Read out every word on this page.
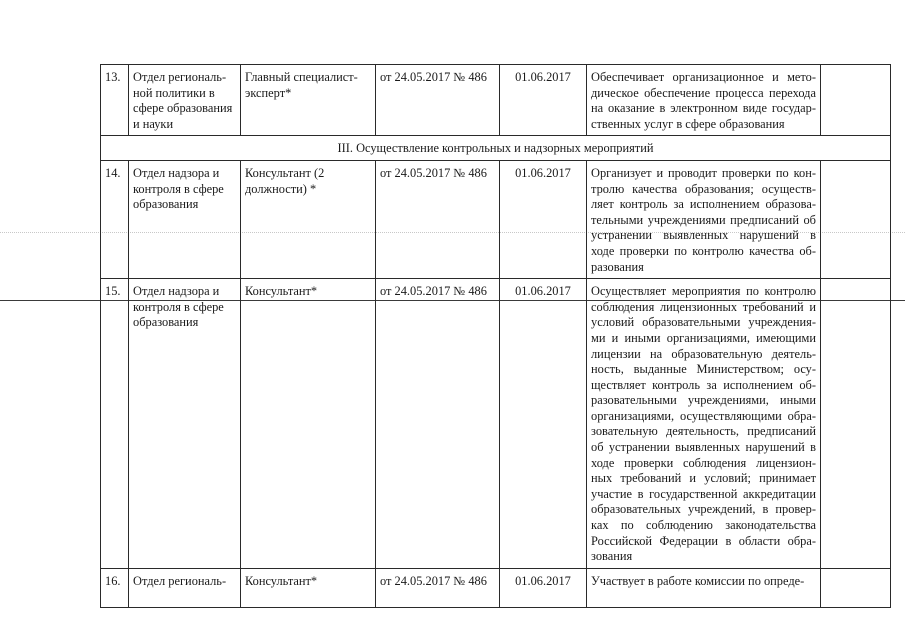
13.	Отдел региональ-ной политики в сфере образования и науки	Главный специалист-эксперт*	от 24.05.2017 № 486	01.06.2017	Обеспечивает организационное и мето-дическое обеспечение процесса перехода на оказание в электронном виде государ-ственных услуг в сфере образования	
III. Осуществление контрольных и надзорных мероприятий						
14.	Отдел надзора и контроля в сфере образования	Консультант (2 должности) *	от 24.05.2017 № 486	01.06.2017	Организует и проводит проверки по кон-тролю качества образования; осуществ-ляет контроль за исполнением образова-тельными учреждениями предписаний об устранении выявленных нарушений в ходе проверки по контролю качества об-разования	
15.	Отдел надзора и контроля в сфере образования	Консультант*	от 24.05.2017 № 486	01.06.2017	Осуществляет мероприятия по контролю соблюдения лицензионных требований и условий образовательными учреждения-ми и иными организациями, имеющими лицензии на образовательную деятель-ность, выданные Министерством; осу-ществляет контроль за исполнением об-разовательными учреждениями, иными организациями, осуществляющими обра-зовательную деятельность, предписаний об устранении выявленных нарушений в ходе проверки соблюдения лицензион-ных требований и условий; принимает участие в государственной аккредитации образовательных учреждений, в провер-ках по соблюдению законодательства Российской Федерации в области обра-зования	
16.	Отдел региональ-	Консультант*	от 24.05.2017 № 486	01.06.2017	Участвует в работе комиссии по опреде-	
